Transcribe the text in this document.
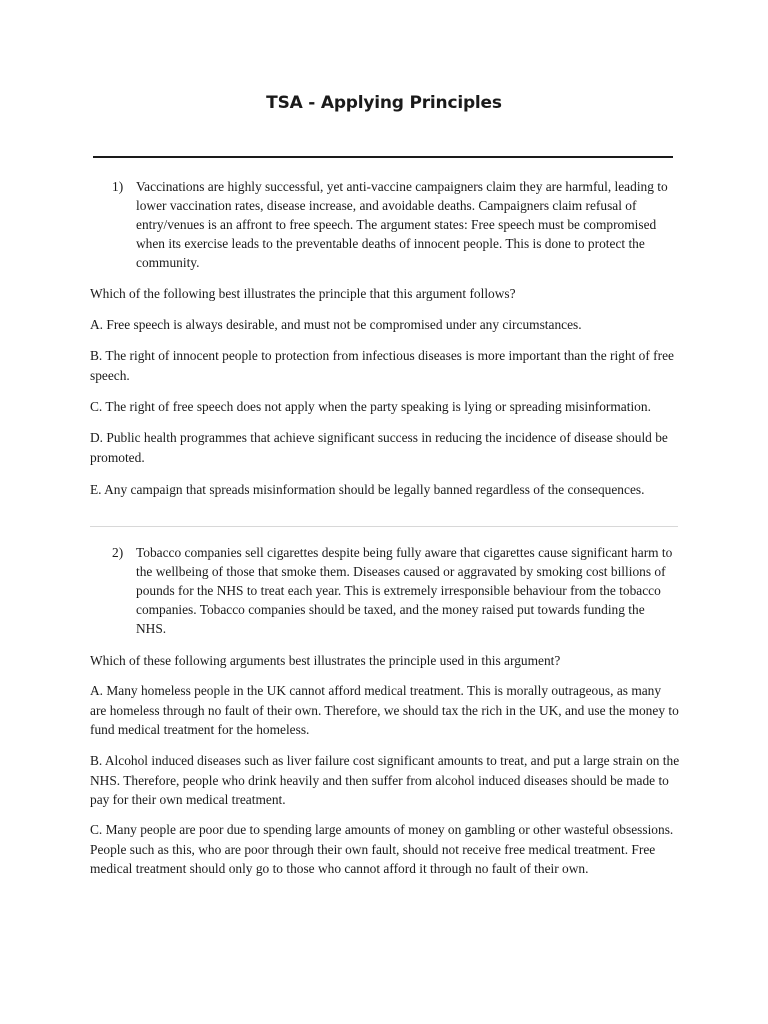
TSA - Applying Principles
1) Vaccinations are highly successful, yet anti-vaccine campaigners claim they are harmful, leading to lower vaccination rates, disease increase, and avoidable deaths. Campaigners claim refusal of entry/venues is an affront to free speech. The argument states: Free speech must be compromised when its exercise leads to the preventable deaths of innocent people. This is done to protect the community.
Which of the following best illustrates the principle that this argument follows?
A. Free speech is always desirable, and must not be compromised under any circumstances.
B. The right of innocent people to protection from infectious diseases is more important than the right of free speech.
C. The right of free speech does not apply when the party speaking is lying or spreading misinformation.
D. Public health programmes that achieve significant success in reducing the incidence of disease should be promoted.
E. Any campaign that spreads misinformation should be legally banned regardless of the consequences.
2) Tobacco companies sell cigarettes despite being fully aware that cigarettes cause significant harm to the wellbeing of those that smoke them. Diseases caused or aggravated by smoking cost billions of pounds for the NHS to treat each year. This is extremely irresponsible behaviour from the tobacco companies. Tobacco companies should be taxed, and the money raised put towards funding the NHS.
Which of these following arguments best illustrates the principle used in this argument?
A. Many homeless people in the UK cannot afford medical treatment. This is morally outrageous, as many are homeless through no fault of their own. Therefore, we should tax the rich in the UK, and use the money to fund medical treatment for the homeless.
B. Alcohol induced diseases such as liver failure cost significant amounts to treat, and put a large strain on the NHS. Therefore, people who drink heavily and then suffer from alcohol induced diseases should be made to pay for their own medical treatment.
C. Many people are poor due to spending large amounts of money on gambling or other wasteful obsessions. People such as this, who are poor through their own fault, should not receive free medical treatment. Free medical treatment should only go to those who cannot afford it through no fault of their own.
